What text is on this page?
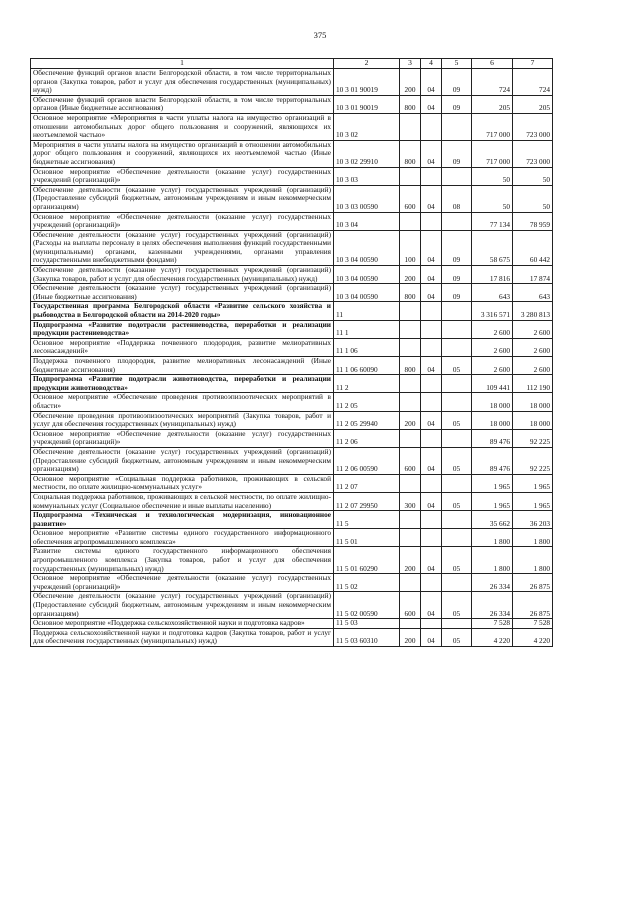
375
1	2	3	4	5	6	7
Обеспечение функций органов власти Белгородской области, в том числе территориальных органов (Закупка товаров, работ и услуг для обеспечения государственных (муниципальных) нужд)	10 3 01 90019	200	04	09	724	724
Обеспечение функций органов власти Белгородской области, в том числе территориальных органов (Иные бюджетные ассигнования)	10 3 01 90019	800	04	09	205	205
Основное мероприятие «Мероприятия в части уплаты налога на имущество организаций в отношении автомобильных дорог общего пользования и сооружений, являющихся их неотъемлемой частью»	10 3 02				717 000	723 000
Мероприятия в части уплаты налога на имущество организаций в отношении автомобильных дорог общего пользования и сооружений, являющихся их неотъемлемой частью (Иные бюджетные ассигнования)	10 3 02 29910	800	04	09	717 000	723 000
Основное мероприятие «Обеспечение деятельности (оказание услуг) государственных учреждений (организаций)»	10 3 03				50	50
Обеспечение деятельности (оказание услуг) государственных учреждений (организаций) (Предоставление субсидий бюджетным, автономным учреждениям и иным некоммерческим организациям)	10 3 03 00590	600	04	08	50	50
Основное мероприятие «Обеспечение деятельности (оказание услуг) государственных учреждений (организаций)»	10 3 04				77 134	78 959
Обеспечение деятельности (оказание услуг) государственных учреждений (организаций) (Расходы на выплаты персоналу в целях обеспечения выполнения функций государственными (муниципальными) органами, казенными учреждениями, органами управления государственными внебюджетными фондами)	10 3 04 00590	100	04	09	58 675	60 442
Обеспечение деятельности (оказание услуг) государственных учреждений (организаций) (Закупка товаров, работ и услуг для обеспечения государственных (муниципальных) нужд)	10 3 04 00590	200	04	09	17 816	17 874
Обеспечение деятельности (оказание услуг) государственных учреждений (организаций) (Иные бюджетные ассигнования)	10 3 04 00590	800	04	09	643	643
Государственная программа Белгородской области «Развитие сельского хозяйства и рыбоводства в Белгородской области на 2014-2020 годы»	11				3 316 571	3 280 813
Подпрограмма «Развитие подотрасли растениеводства, переработки и реализации продукции растениеводства»	11 1				2 600	2 600
Основное мероприятие «Поддержка почвенного плодородия, развитие мелиоративных лесонасаждений»	11 1 06				2 600	2 600
Поддержка почвенного плодородия, развитие мелиоративных лесонасаждений (Иные бюджетные ассигнования)	11 1 06 60090	800	04	05	2 600	2 600
Подпрограмма «Развитие подотрасли животноводства, переработки и реализации продукции животноводства»	11 2				109 441	112 190
Основное мероприятие «Обеспечение проведения противоэпизоотических мероприятий в области»	11 2 05				18 000	18 000
Обеспечение проведения противоэпизоотических мероприятий (Закупка товаров, работ и услуг для обеспечения государственных (муниципальных) нужд)	11 2 05 29940	200	04	05	18 000	18 000
Основное мероприятие «Обеспечение деятельности (оказание услуг) государственных учреждений (организаций)»	11 2 06				89 476	92 225
Обеспечение деятельности (оказание услуг) государственных учреждений (организаций) (Предоставление субсидий бюджетным, автономным учреждениям и иным некоммерческим организациям)	11 2 06 00590	600	04	05	89 476	92 225
Основное мероприятие «Социальная поддержка работников, проживающих в сельской местности, по оплате жилищно-коммунальных услуг»	11 2 07				1 965	1 965
Социальная поддержка работников, проживающих в сельской местности, по оплате жилищно-коммунальных услуг (Социальное обеспечение и иные выплаты населению)	11 2 07 29950	300	04	05	1 965	1 965
Подпрограмма «Техническая и технологическая модернизация, инновационное развитие»	11 5				35 662	36 203
Основное мероприятие «Развитие системы единого государственного информационного обеспечения агропромышленного комплекса»	11 5 01				1 800	1 800
Развитие системы единого государственного информационного обеспечения агропромышленного комплекса (Закупка товаров, работ и услуг для обеспечения государственных (муниципальных) нужд)	11 5 01 60290	200	04	05	1 800	1 800
Основное мероприятие «Обеспечение деятельности (оказание услуг) государственных учреждений (организаций)»	11 5 02				26 334	26 875
Обеспечение деятельности (оказание услуг) государственных учреждений (организаций) (Предоставление субсидий бюджетным, автономным учреждениям и иным некоммерческим организациям)	11 5 02 00590	600	04	05	26 334	26 875
Основное мероприятие «Поддержка сельскохозяйственной науки и подготовка кадров»	11 5 03				7 528	7 528
Поддержка сельскохозяйственной науки и подготовка кадров (Закупка товаров, работ и услуг для обеспечения государственных (муниципальных) нужд)	11 5 03 60310	200	04	05	4 220	4 220
